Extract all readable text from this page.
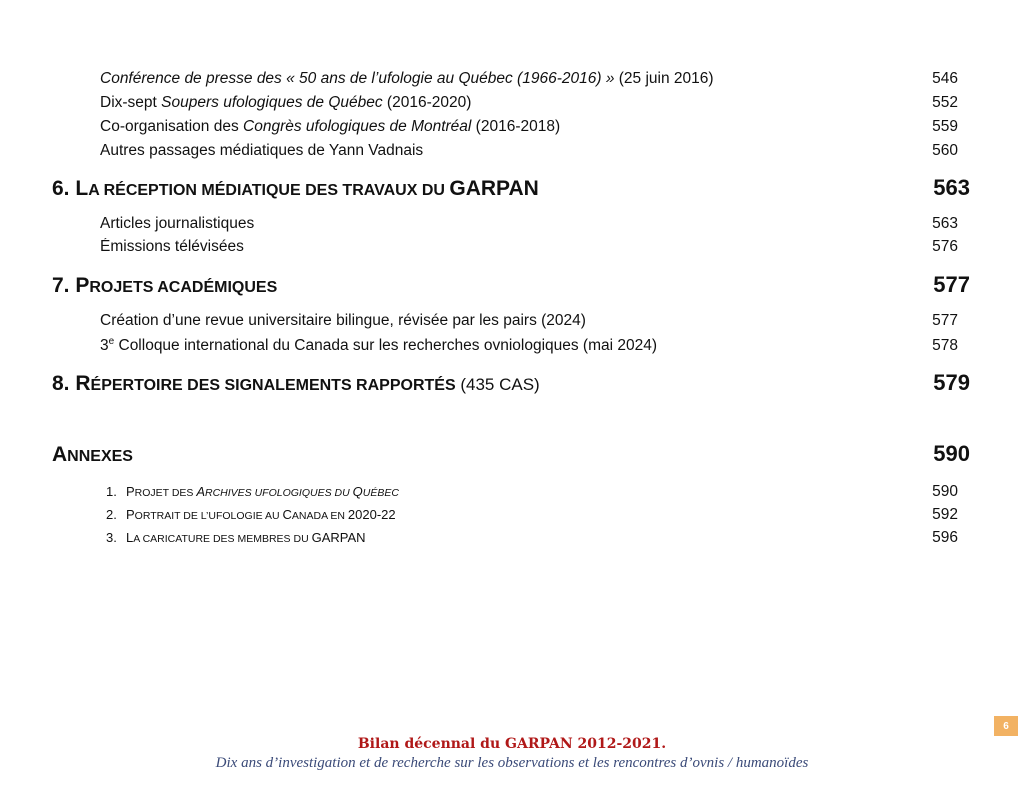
Conférence de presse des « 50 ans de l’ufologie au Québec (1966-2016) » (25 juin 2016)	546
Dix-sept Soupers ufologiques de Québec (2016-2020)	552
Co-organisation des Congrès ufologiques de Montréal (2016-2018)	559
Autres passages médiatiques de Yann Vadnais	560
6. LA RÉCEPTION MÉDIATIQUE DES TRAVAUX DU GARPAN	563
Articles journalistiques	563
Émissions télévisées	576
7. PROJETS ACADÉMIQUES	577
Création d’une revue universitaire bilingue, révisée par les pairs (2024)	577
3e Colloque international du Canada sur les recherches ovniologiques (mai 2024)	578
8. RÉPERTOIRE DES SIGNALEMENTS RAPPORTÉS (435 CAS)	579
ANNEXES	590
1. PROJET DES ARCHIVES UFOLOGIQUES DU QUÉBEC	590
2. PORTRAIT DE L’UFOLOGIE AU CANADA EN 2020-22	592
3. LA CARICATURE DES MEMBRES DU GARPAN	596
Bilan décennal du GARPAN 2012-2021.
Dix ans d’investigation et de recherche sur les observations et les rencontres d’ovnis / humanoïdes
6
